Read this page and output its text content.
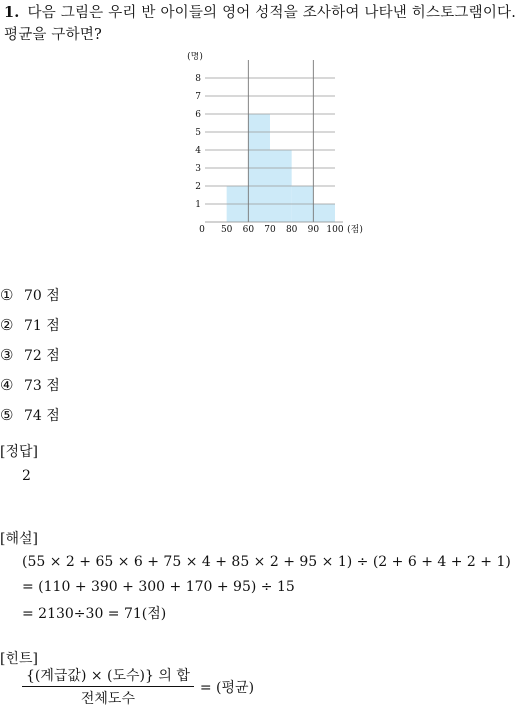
1. 다음 그림은 우리 반 아이들의 영어 성적을 조사하여 나타낸 히스토그램이다. 평균을 구하면?
1
2
3
4
5
6
7
8
0 50 60 70 80 90 100
(명)
(점)
① 70 점
② 71 점
③ 72 점
④ 73 점
⑤ 74 점
[정답]
2
[해설]
(55 × 2 + 65 × 6 + 75 × 4 + 85 × 2 + 95 × 1) ÷ (2 + 6 + 4 + 2 + 1)
= (110 + 390 + 300 + 170 + 95) ÷ 15
= 2130÷30 = 71(점)
[힌트]
$\frac{\text{\{(계급값) × (도수)\} 의 합}}{\text{전체도수}}$ = (평균)
